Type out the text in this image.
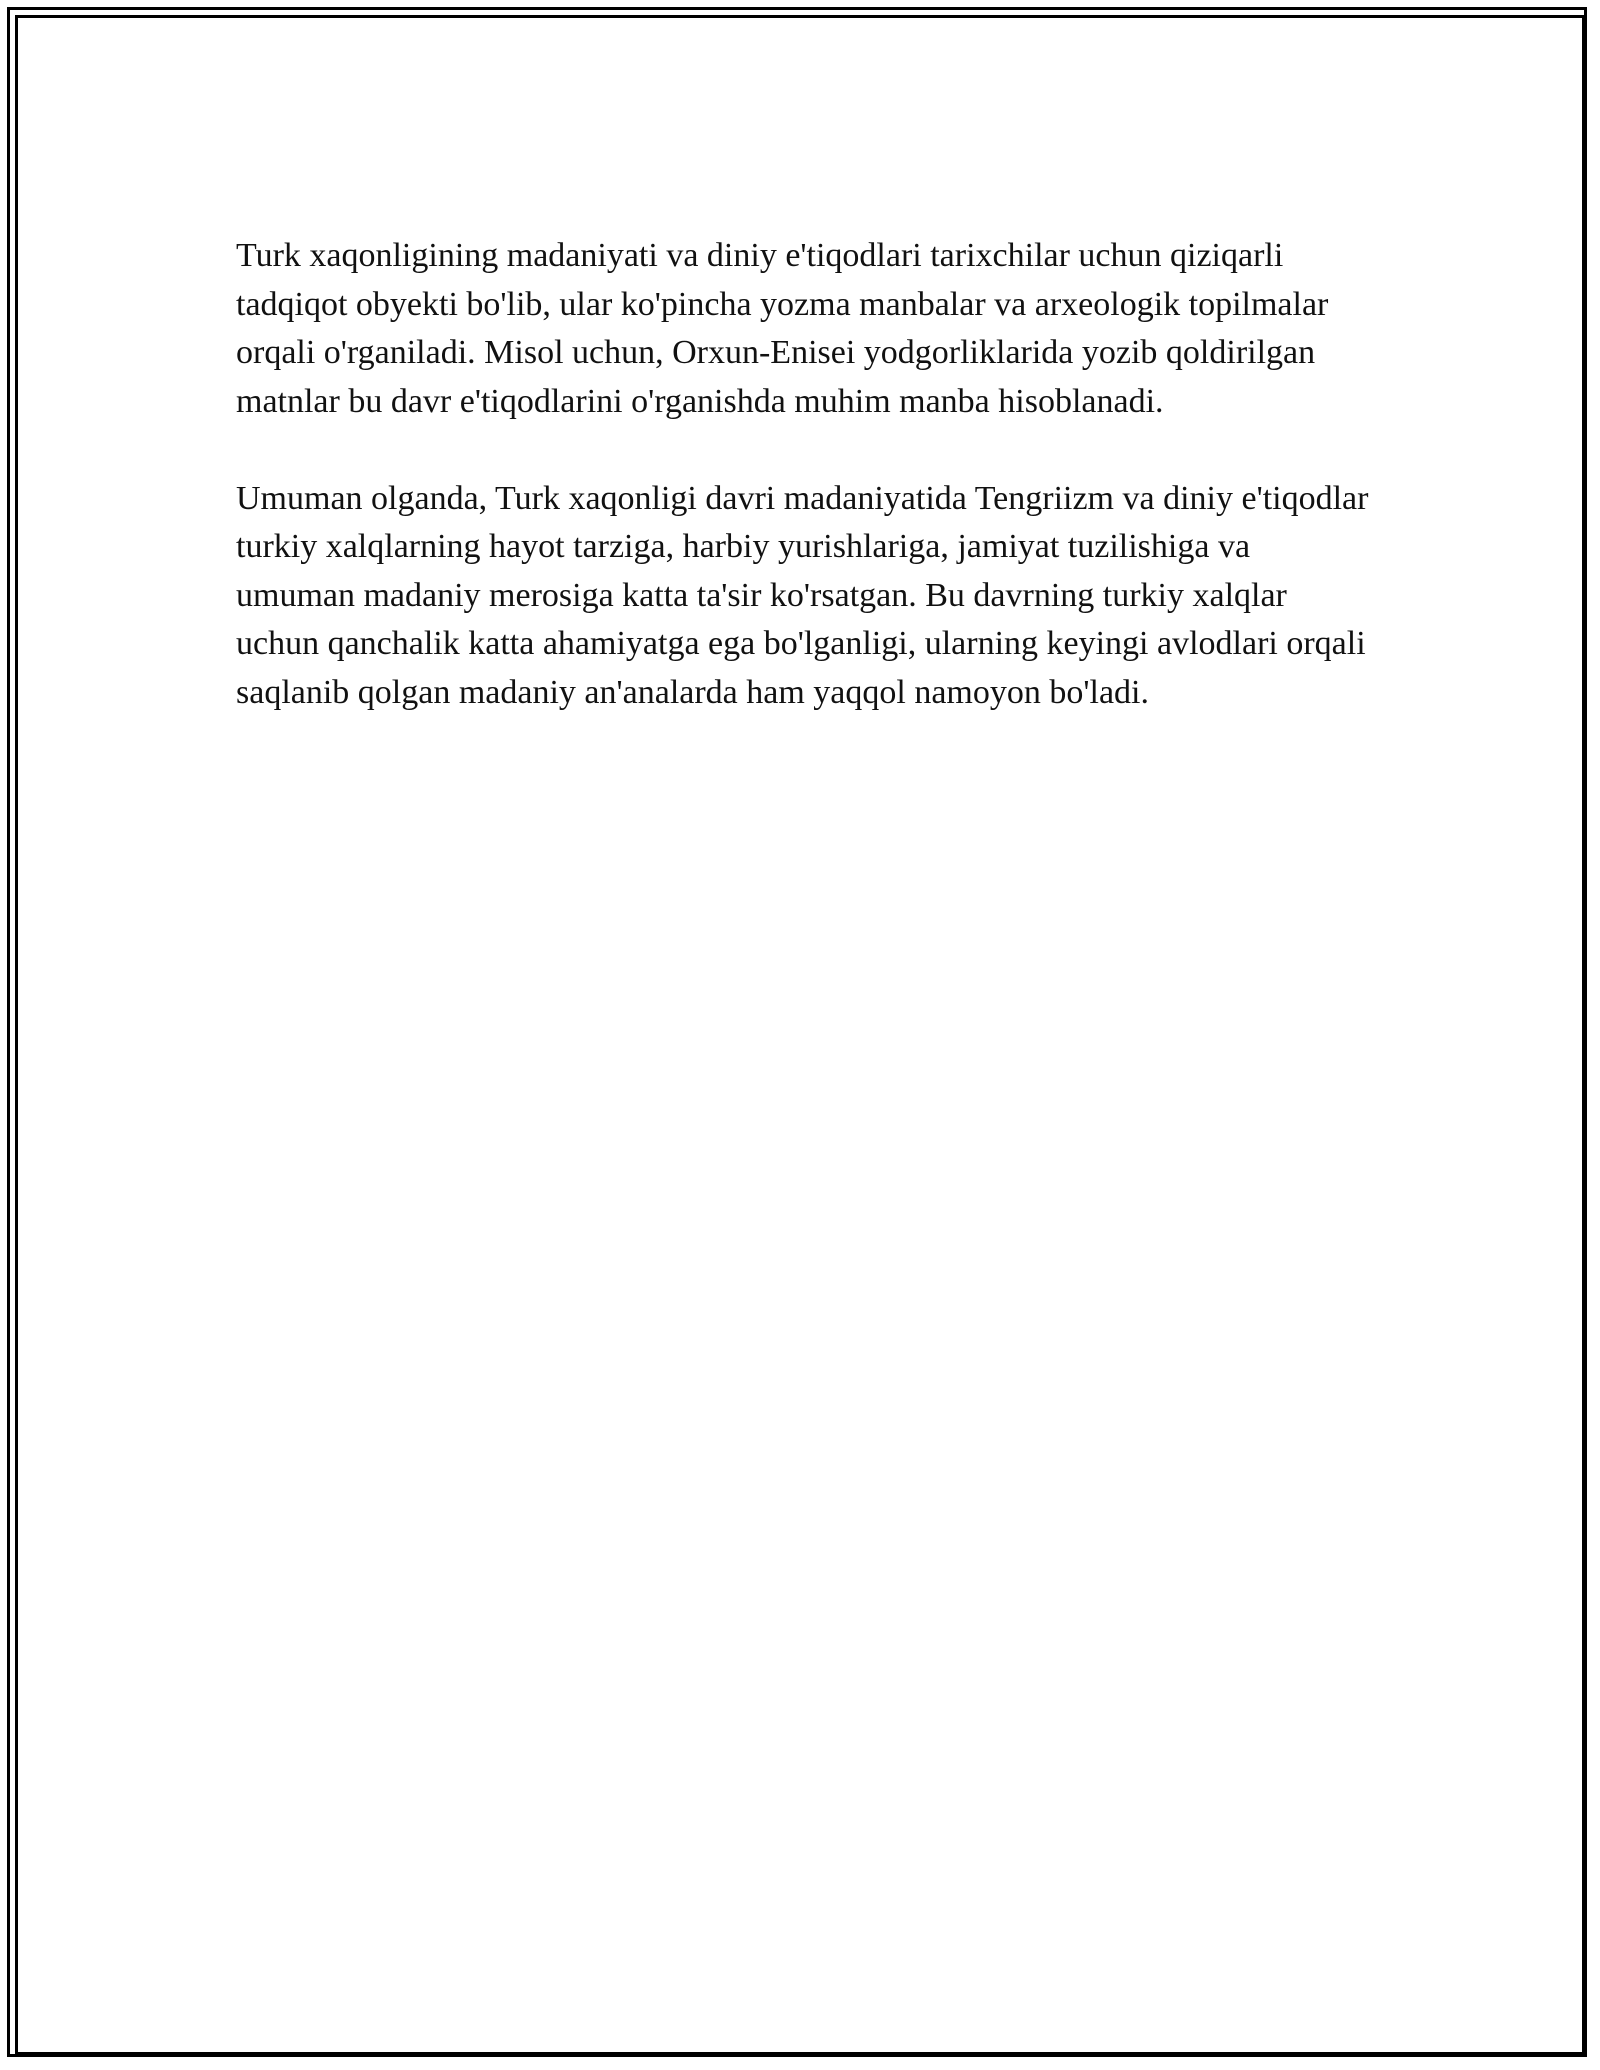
Turk xaqonligining madaniyati va diniy e'tiqodlari tarixchilar uchun qiziqarli tadqiqot obyekti bo'lib, ular ko'pincha yozma manbalar va arxeologik topilmalar orqali o'rganiladi. Misol uchun, Orxun-Enisei yodgorliklarida yozib qoldirilgan matnlar bu davr e'tiqodlarini o'rganishda muhim manba hisoblanadi.

Umuman olganda, Turk xaqonligi davri madaniyatida Tengriizm va diniy e'tiqodlar turkiy xalqlarning hayot tarziga, harbiy yurishlariga, jamiyat tuzilishiga va umuman madaniy merosiga katta ta'sir ko'rsatgan. Bu davrning turkiy xalqlar uchun qanchalik katta ahamiyatga ega bo'lganligi, ularning keyingi avlodlari orqali saqlanib qolgan madaniy an'analarda ham yaqqol namoyon bo'ladi.
